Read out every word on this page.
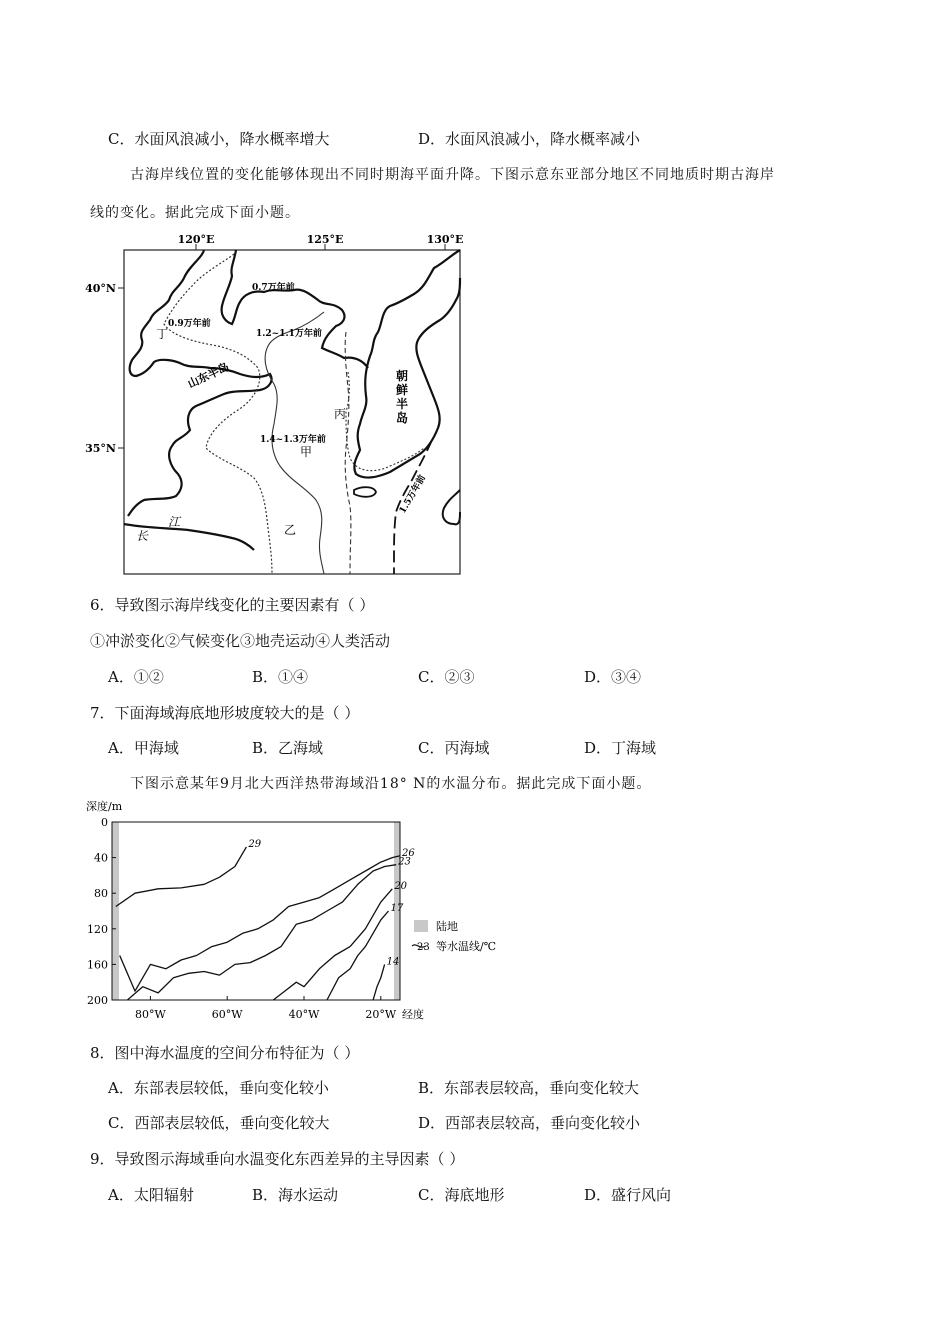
C．水面风浪减小，降水概率增大	D．水面风浪减小，降水概率减小
古海岸线位置的变化能够体现出不同时期海平面升降。下图示意东亚部分地区不同地质时期古海岸
线的变化。据此完成下面小题。
120°E	125°E	130°E
40°N
35°N
0.7万年前
0.9万年前
1.2~1.1万年前
1.4~1.3万年前
1.5万年前
丁
山东半岛
丙
甲
乙
长
江
朝
鲜
半
岛
6．导致图示海岸线变化的主要因素有（ ）
①冲淤变化②气候变化③地壳运动④人类活动
A．①②	B．①④	C．②③	D．③④
7．下面海域海底地形坡度较大的是（ ）
A．甲海域	B．乙海域	C．丙海域	D．丁海域
下图示意某年9月北大西洋热带海域沿18° N的水温分布。据此完成下面小题。
深度/m
经度
0
40
80
120
160
200
80°W	60°W	40°W	20°W
29
26
23
20
17
14
陆地
23 等水温线/℃
8．图中海水温度的空间分布特征为（ ）
A．东部表层较低，垂向变化较小	B．东部表层较高，垂向变化较大
C．西部表层较低，垂向变化较大	D．西部表层较高，垂向变化较小
9．导致图示海域垂向水温变化东西差异的主导因素（ ）
A．太阳辐射	B．海水运动	C．海底地形	D．盛行风向
